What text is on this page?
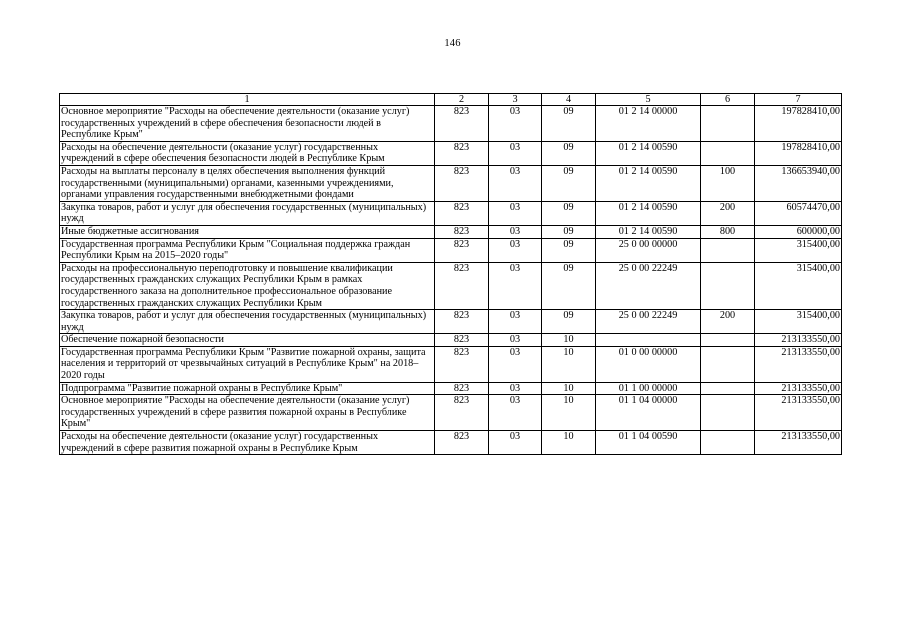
146
1	2	3	4	5	6	7
Основное мероприятие "Расходы на обеспечение деятельности (оказание услуг) государственных учреждений в сфере обеспечения безопасности людей в Республике Крым"	823	03	09	01 2 14 00000		197828410,00
Расходы на обеспечение деятельности (оказание услуг) государственных учреждений в сфере обеспечения безопасности людей в Республике Крым	823	03	09	01 2 14 00590		197828410,00
Расходы на выплаты персоналу в целях обеспечения выполнения функций государственными (муниципальными) органами, казенными учреждениями, органами управления государственными внебюджетными фондами	823	03	09	01 2 14 00590	100	136653940,00
Закупка товаров, работ и услуг для обеспечения государственных (муниципальных) нужд	823	03	09	01 2 14 00590	200	60574470,00
Иные бюджетные ассигнования	823	03	09	01 2 14 00590	800	600000,00
Государственная программа Республики Крым "Социальная поддержка граждан Республики Крым на 2015–2020 годы"	823	03	09	25 0 00 00000		315400,00
Расходы на профессиональную переподготовку и повышение квалификации государственных гражданских служащих Республики Крым в рамках государственного заказа на дополнительное профессиональное образование государственных гражданских служащих Республики Крым	823	03	09	25 0 00 22249		315400,00
Закупка товаров, работ и услуг для обеспечения государственных (муниципальных) нужд	823	03	09	25 0 00 22249	200	315400,00
Обеспечение пожарной безопасности	823	03	10			213133550,00
Государственная программа Республики Крым "Развитие пожарной охраны, защита населения и территорий от чрезвычайных ситуаций в Республике Крым" на 2018–2020 годы	823	03	10	01 0 00 00000		213133550,00
Подпрограмма "Развитие пожарной охраны в Республике Крым"	823	03	10	01 1 00 00000		213133550,00
Основное мероприятие "Расходы на обеспечение деятельности (оказание услуг) государственных учреждений в сфере развития пожарной охраны в Республике Крым"	823	03	10	01 1 04 00000		213133550,00
Расходы на обеспечение деятельности (оказание услуг) государственных учреждений в сфере развития пожарной охраны в Республике Крым	823	03	10	01 1 04 00590		213133550,00
